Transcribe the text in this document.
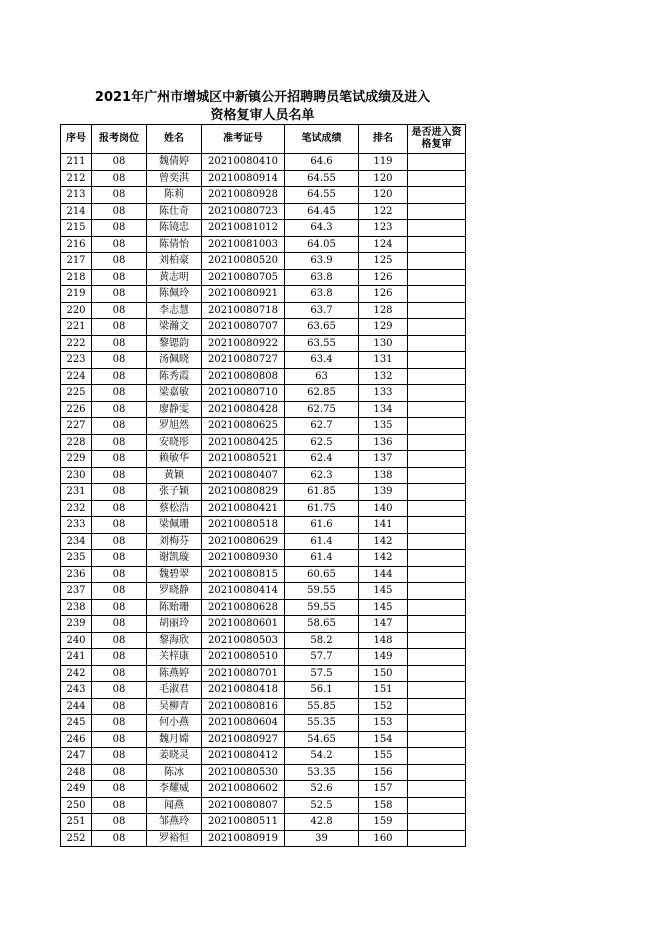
2021年广州市增城区中新镇公开招聘聘员笔试成绩及进入
资格复审人员名单
序号	报考岗位	姓名	准考证号	笔试成绩	排名	是否进入资格复审
211	08	魏倩婷	20210080410	64.6	119	
212	08	曾奕淇	20210080914	64.55	120	
213	08	陈莉	20210080928	64.55	120	
214	08	陈仕奇	20210080723	64.45	122	
215	08	陈镜忠	20210081012	64.3	123	
216	08	陈倩怡	20210081003	64.05	124	
217	08	刘柏豪	20210080520	63.9	125	
218	08	黄志明	20210080705	63.8	126	
219	08	陈佩玲	20210080921	63.8	126	
220	08	李志慧	20210080718	63.7	128	
221	08	梁瀚文	20210080707	63.65	129	
222	08	黎锶韵	20210080922	63.55	130	
223	08	汤佩晓	20210080727	63.4	131	
224	08	陈秀霞	20210080808	63	132	
225	08	梁嘉敏	20210080710	62.85	133	
226	08	廖静雯	20210080428	62.75	134	
227	08	罗旭然	20210080625	62.7	135	
228	08	安晓彤	20210080425	62.5	136	
229	08	赖敏华	20210080521	62.4	137	
230	08	黄颖	20210080407	62.3	138	
231	08	张子颖	20210080829	61.85	139	
232	08	蔡松浩	20210080421	61.75	140	
233	08	梁佩珊	20210080518	61.6	141	
234	08	刘梅芬	20210080629	61.4	142	
235	08	谢凯璇	20210080930	61.4	142	
236	08	魏碧翠	20210080815	60.65	144	
237	08	罗晓静	20210080414	59.55	145	
238	08	陈贻珊	20210080628	59.55	145	
239	08	胡丽玲	20210080601	58.65	147	
240	08	黎海欣	20210080503	58.2	148	
241	08	关梓康	20210080510	57.7	149	
242	08	陈燕婷	20210080701	57.5	150	
243	08	毛淑君	20210080418	56.1	151	
244	08	吴柳青	20210080816	55.85	152	
245	08	何小燕	20210080604	55.35	153	
246	08	魏月嫦	20210080927	54.65	154	
247	08	姜晓灵	20210080412	54.2	155	
248	08	陈冰	20210080530	53.35	156	
249	08	李耀威	20210080602	52.6	157	
250	08	闻燕	20210080807	52.5	158	
251	08	邹燕玲	20210080511	42.8	159	
252	08	罗裕恒	20210080919	39	160	
